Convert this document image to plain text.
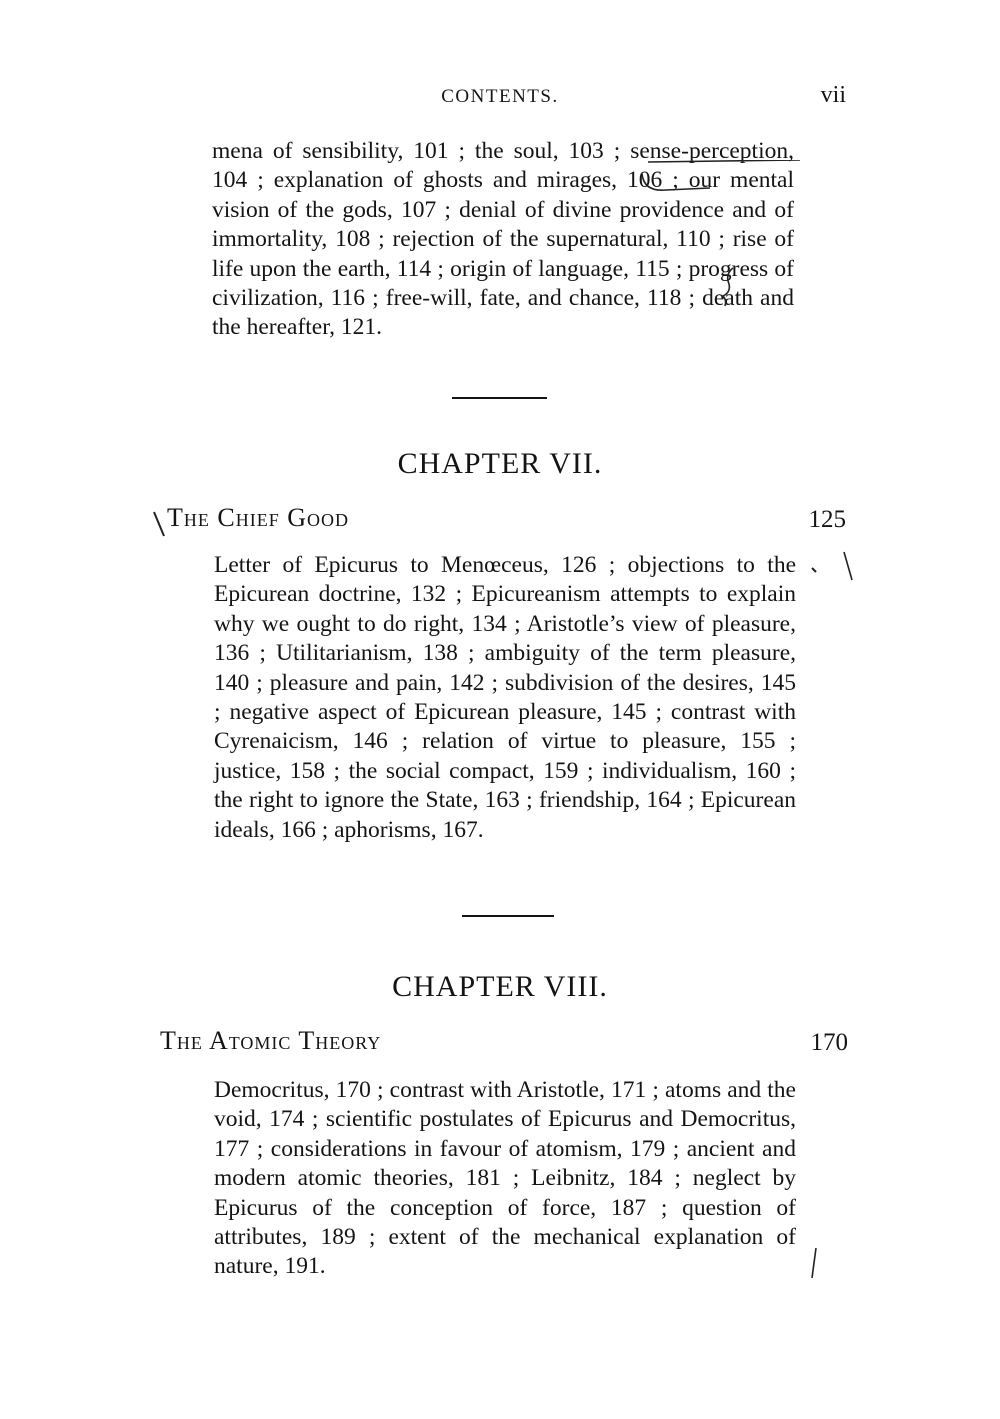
CONTENTS.	vii

mena of sensibility, 101 ; the soul, 103 ; sense-perception, 104 ; explanation of ghosts and mirages, 106 ; our mental vision of the gods, 107 ; denial of divine providence and of immortality, 108 ; rejection of the supernatural, 110 ; rise of life upon the earth, 114 ; origin of language, 115 ; progress of civilization, 116 ; free-will, fate, and chance, 118 ; death and the hereafter, 121.

CHAPTER VII.
The Chief Good	125

Letter of Epicurus to Menœceus, 126 ; objections to the Epicurean doctrine, 132 ; Epicureanism attempts to explain why we ought to do right, 134 ; Aristotle’s view of pleasure, 136 ; Utilitarianism, 138 ; ambiguity of the term pleasure, 140 ; pleasure and pain, 142 ; subdivision of the desires, 145 ; negative aspect of Epicurean pleasure, 145 ; contrast with Cyrenaicism, 146 ; relation of virtue to pleasure, 155 ; justice, 158 ; the social compact, 159 ; individualism, 160 ; the right to ignore the State, 163 ; friendship, 164 ; Epicurean ideals, 166 ; aphorisms, 167.

CHAPTER VIII.
The Atomic Theory	170

Democritus, 170 ; contrast with Aristotle, 171 ; atoms and the void, 174 ; scientific postulates of Epicurus and Democritus, 177 ; considerations in favour of atomism, 179 ; ancient and modern atomic theories, 181 ; Leibnitz, 184 ; neglect by Epicurus of the conception of force, 187 ; question of attributes, 189 ; extent of the mechanical explanation of nature, 191.
